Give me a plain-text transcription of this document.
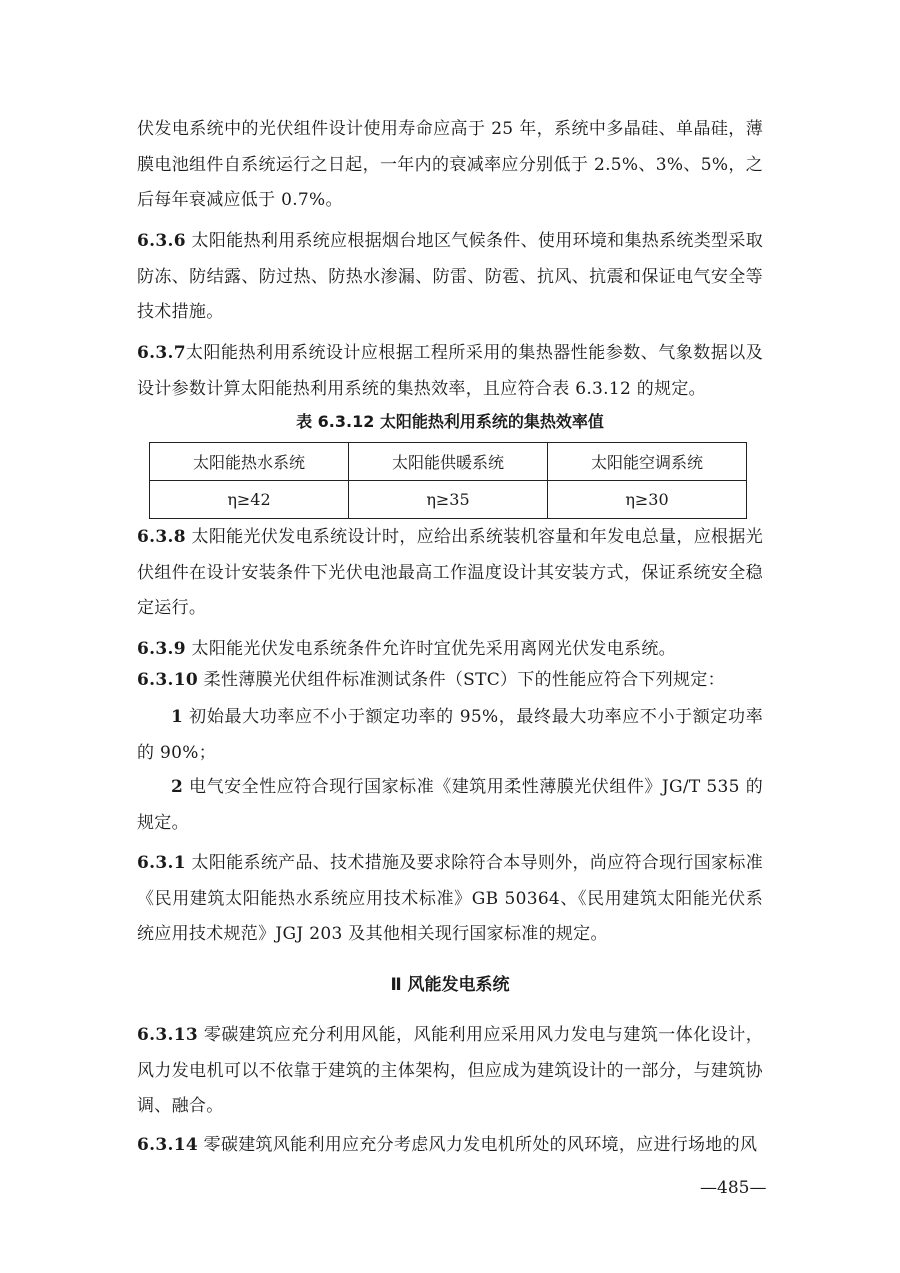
伏发电系统中的光伏组件设计使用寿命应高于 25 年，系统中多晶硅、单晶硅，薄膜电池组件自系统运行之日起，一年内的衰减率应分别低于 2.5%、3%、5%，之后每年衰减应低于 0.7%。

6.3.6 太阳能热利用系统应根据烟台地区气候条件、使用环境和集热系统类型采取防冻、防结露、防过热、防热水渗漏、防雷、防雹、抗风、抗震和保证电气安全等技术措施。

6.3.7太阳能热利用系统设计应根据工程所采用的集热器性能参数、气象数据以及设计参数计算太阳能热利用系统的集热效率，且应符合表 6.3.12 的规定。

表 6.3.12 太阳能热利用系统的集热效率值
太阳能热水系统	太阳能供暖系统	太阳能空调系统
η≥42	η≥35	η≥30

6.3.8 太阳能光伏发电系统设计时，应给出系统装机容量和年发电总量，应根据光伏组件在设计安装条件下光伏电池最高工作温度设计其安装方式，保证系统安全稳定运行。

6.3.9 太阳能光伏发电系统条件允许时宜优先采用离网光伏发电系统。

6.3.10 柔性薄膜光伏组件标准测试条件（STC）下的性能应符合下列规定：

1 初始最大功率应不小于额定功率的 95%，最终最大功率应不小于额定功率的 90%；

2 电气安全性应符合现行国家标准《建筑用柔性薄膜光伏组件》JG/T 535 的规定。

6.3.1 太阳能系统产品、技术措施及要求除符合本导则外，尚应符合现行国家标准《民用建筑太阳能热水系统应用技术标准》GB 50364、《民用建筑太阳能光伏系统应用技术规范》JGJ 203 及其他相关现行国家标准的规定。

Ⅱ 风能发电系统

6.3.13 零碳建筑应充分利用风能，风能利用应采用风力发电与建筑一体化设计，风力发电机可以不依靠于建筑的主体架构，但应成为建筑设计的一部分，与建筑协调、融合。

6.3.14 零碳建筑风能利用应充分考虑风力发电机所处的风环境，应进行场地的风

—485—
